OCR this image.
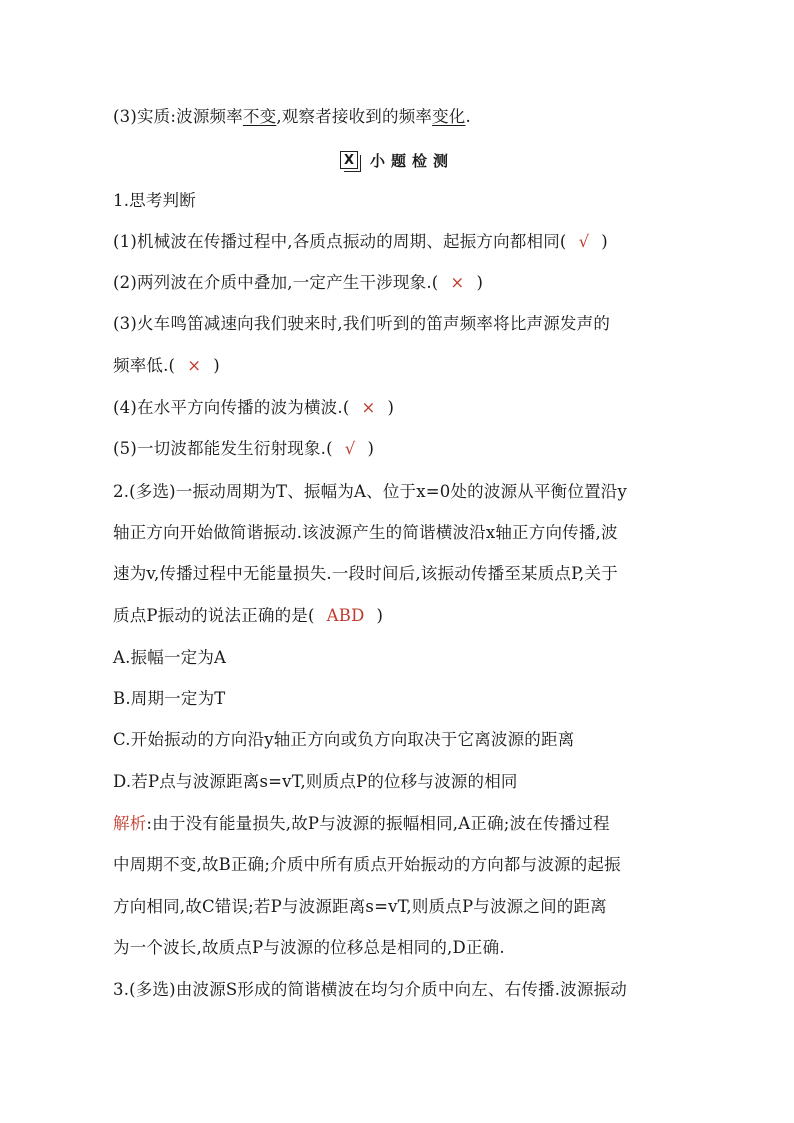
(3)实质:波源频率不变,观察者接收到的频率变化.
X 小题检测
1.思考判断
(1)机械波在传播过程中,各质点振动的周期、起振方向都相同( √ )
(2)两列波在介质中叠加,一定产生干涉现象.( × )
(3)火车鸣笛减速向我们驶来时,我们听到的笛声频率将比声源发声的
频率低.( × )
(4)在水平方向传播的波为横波.( × )
(5)一切波都能发生衍射现象.( √ )
2.(多选)一振动周期为T、振幅为A、位于x=0处的波源从平衡位置沿y
轴正方向开始做简谐振动.该波源产生的简谐横波沿x轴正方向传播,波
速为v,传播过程中无能量损失.一段时间后,该振动传播至某质点P,关于
质点P振动的说法正确的是( ABD )
A.振幅一定为A
B.周期一定为T
C.开始振动的方向沿y轴正方向或负方向取决于它离波源的距离
D.若P点与波源距离s=vT,则质点P的位移与波源的相同
解析:由于没有能量损失,故P与波源的振幅相同,A正确;波在传播过程
中周期不变,故B正确;介质中所有质点开始振动的方向都与波源的起振
方向相同,故C错误;若P与波源距离s=vT,则质点P与波源之间的距离
为一个波长,故质点P与波源的位移总是相同的,D正确.
3.(多选)由波源S形成的简谐横波在均匀介质中向左、右传播.波源振动
